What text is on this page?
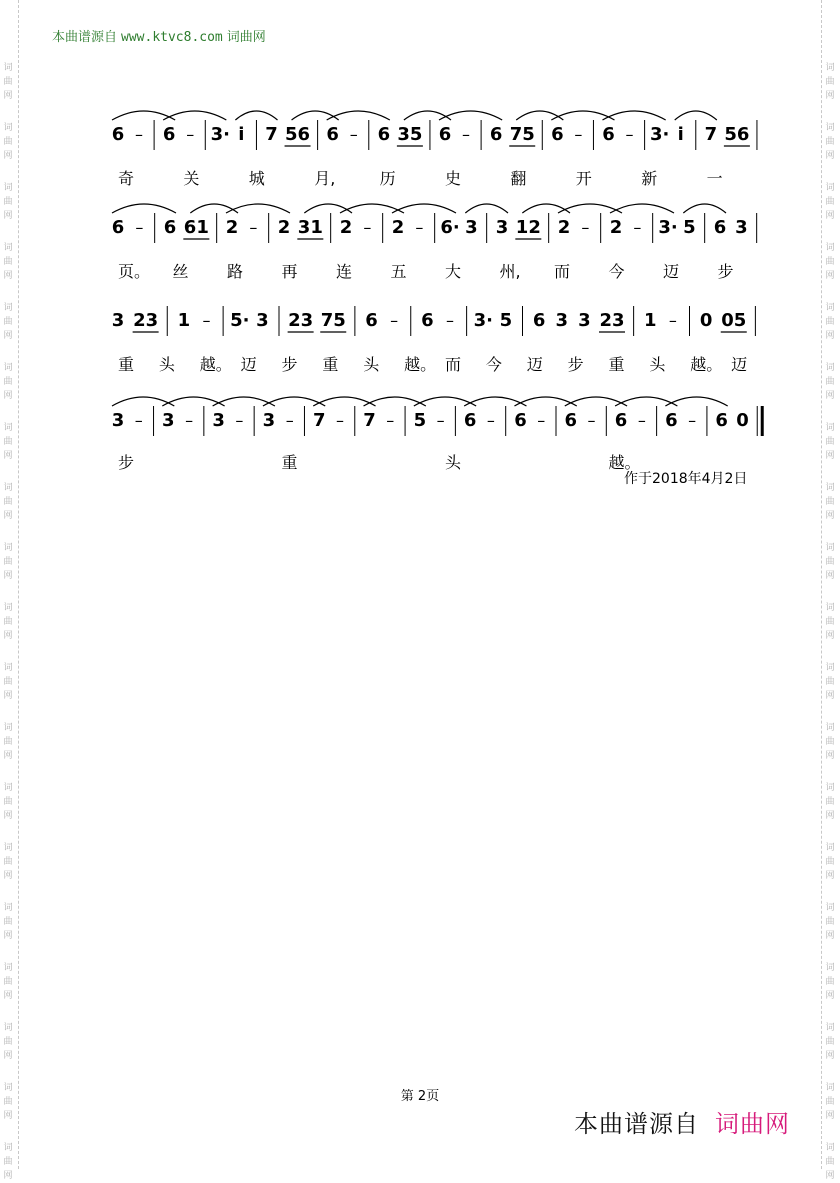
词
曲
网
词
曲
网
词
曲
网
词
曲
网
词
曲
网
词
曲
网
词
曲
网
词
曲
网
词
曲
网
词
曲
网
词
曲
网
词
曲
网
词
曲
网
词
曲
网
词
曲
网
词
曲
网
词
曲
网
词
曲
网
词
曲
网
词
曲
网
词
曲
网
词
曲
网
词
曲
网
词
曲
网
词
曲
网
词
曲
网
词
曲
网
词
曲
网
词
曲
网
词
曲
网
词
曲
网
词
曲
网
词
曲
网
词
曲
网
词
曲
网
词
曲
网
词
曲
网
词
曲
网
本曲谱源自 www.ktvc8.com 词曲网
6 – 6 – 3· i 7 56 6 – 6 35 6 – 6 75 6 – 6 – 3· i 7 56
6 – 6 61 2 – 2 31 2 – 2 – 6· 3 3 12 2 – 2 – 3· 5 6 3
3 23 1 – 5· 3 23 75 6 – 6 – 3· 5 6 3 3 23 1 – 0 05
3 – 3 – 3 – 3 – 7 – 7 – 5 – 6 – 6 – 6 – 6 – 6 – 6 0
奇	关	城	月,	历	史	翻	开	新	一
页。 丝 路 再 连 五 大 州, 而 今 迈 步
重 头 越。 迈 步 重 头 越。 而 今 迈 步 重 头 越。 迈
步	重	头	越。
作于2018年4月2日
第 2页
本曲谱源自 词曲网
